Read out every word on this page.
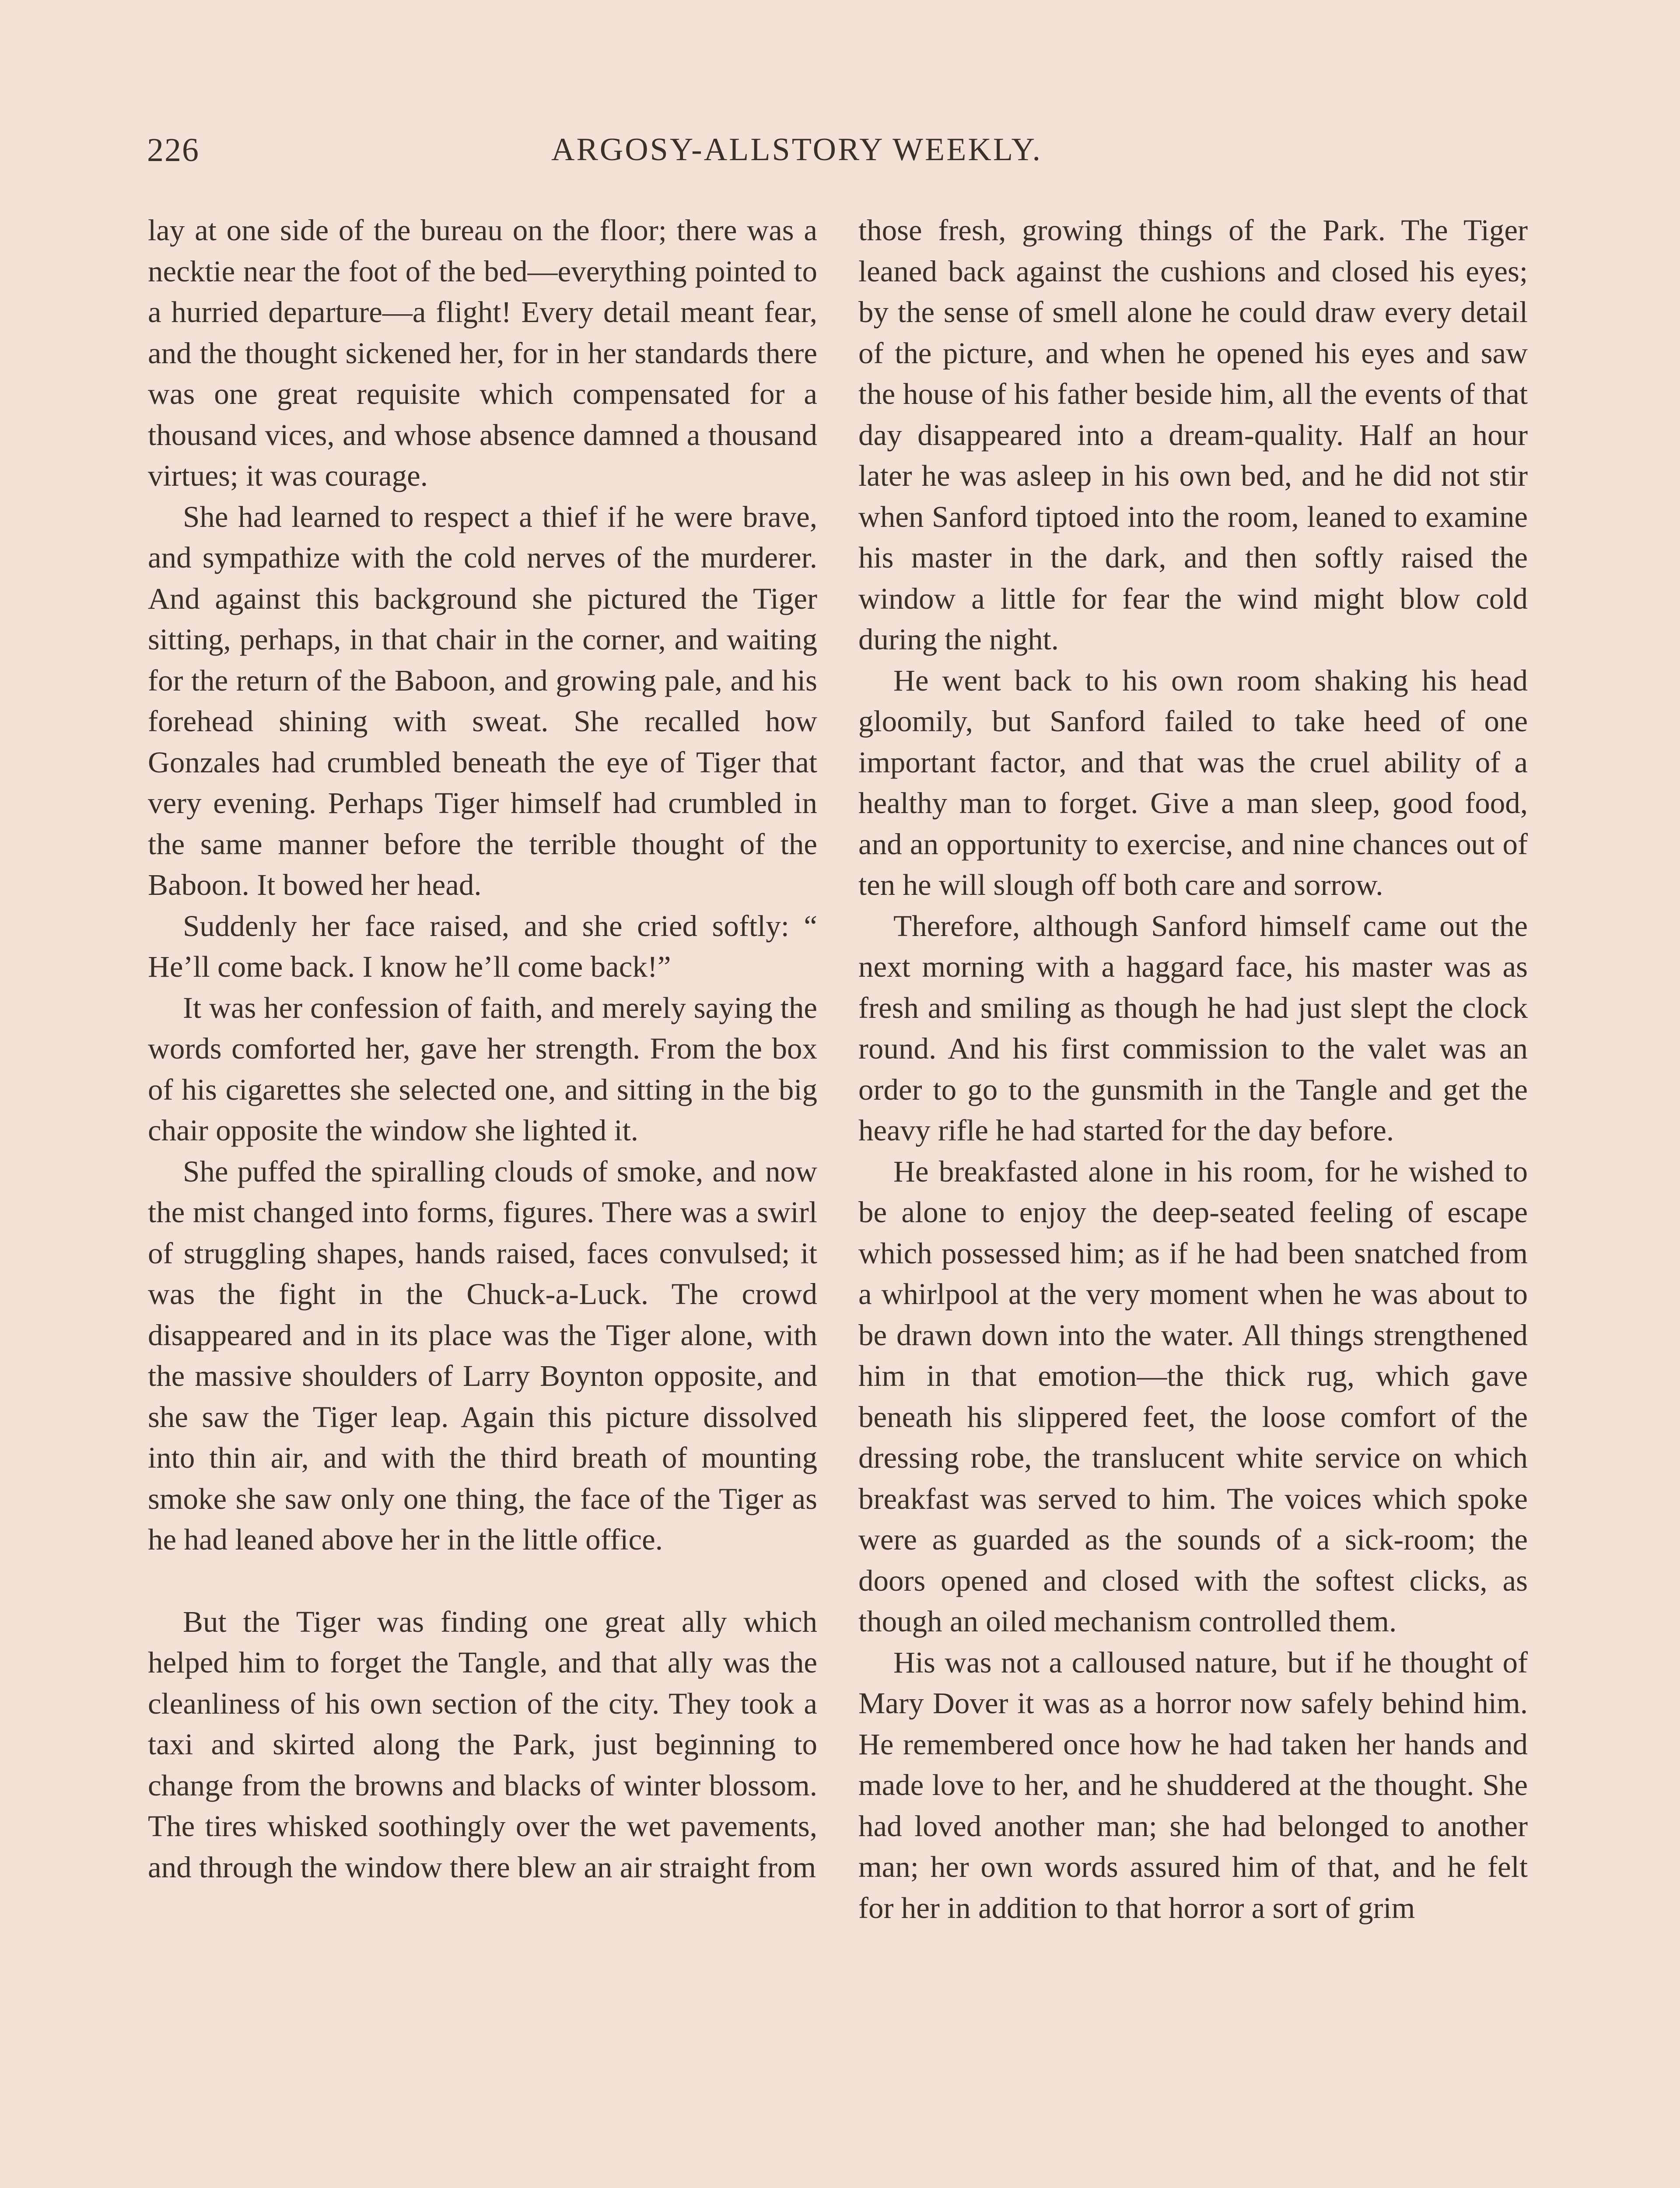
226	ARGOSY-ALLSTORY WEEKLY.

lay at one side of the bureau on the floor; there was a necktie near the foot of the bed—everything pointed to a hurried departure—a flight! Every detail meant fear, and the thought sickened her, for in her standards there was one great requisite which compensated for a thousand vices, and whose absence damned a thousand virtues; it was courage.

She had learned to respect a thief if he were brave, and sympathize with the cold nerves of the murderer. And against this background she pictured the Tiger sitting, perhaps, in that chair in the corner, and waiting for the return of the Baboon, and growing pale, and his forehead shining with sweat. She recalled how Gonzales had crumbled beneath the eye of Tiger that very evening. Perhaps Tiger himself had crumbled in the same manner before the terrible thought of the Baboon. It bowed her head.

Suddenly her face raised, and she cried softly: “ He’ll come back. I know he’ll come back!”

It was her confession of faith, and merely saying the words comforted her, gave her strength. From the box of his cigarettes she selected one, and sitting in the big chair opposite the window she lighted it.

She puffed the spiralling clouds of smoke, and now the mist changed into forms, figures. There was a swirl of struggling shapes, hands raised, faces convulsed; it was the fight in the Chuck-a-Luck. The crowd disappeared and in its place was the Tiger alone, with the massive shoulders of Larry Boynton opposite, and she saw the Tiger leap. Again this picture dissolved into thin air, and with the third breath of mounting smoke she saw only one thing, the face of the Tiger as he had leaned above her in the little office.

But the Tiger was finding one great ally which helped him to forget the Tangle, and that ally was the cleanliness of his own section of the city. They took a taxi and skirted along the Park, just beginning to change from the browns and blacks of winter blossom. The tires whisked soothingly over the wet pavements, and through the window there blew an air straight from

those fresh, growing things of the Park. The Tiger leaned back against the cushions and closed his eyes; by the sense of smell alone he could draw every detail of the picture, and when he opened his eyes and saw the house of his father beside him, all the events of that day disappeared into a dream-quality. Half an hour later he was asleep in his own bed, and he did not stir when Sanford tiptoed into the room, leaned to examine his master in the dark, and then softly raised the window a little for fear the wind might blow cold during the night.

He went back to his own room shaking his head gloomily, but Sanford failed to take heed of one important factor, and that was the cruel ability of a healthy man to forget. Give a man sleep, good food, and an opportunity to exercise, and nine chances out of ten he will slough off both care and sorrow.

Therefore, although Sanford himself came out the next morning with a haggard face, his master was as fresh and smiling as though he had just slept the clock round. And his first commission to the valet was an order to go to the gunsmith in the Tangle and get the heavy rifle he had started for the day before.

He breakfasted alone in his room, for he wished to be alone to enjoy the deep-seated feeling of escape which possessed him; as if he had been snatched from a whirlpool at the very moment when he was about to be drawn down into the water. All things strengthened him in that emotion—the thick rug, which gave beneath his slippered feet, the loose comfort of the dressing robe, the translucent white service on which breakfast was served to him. The voices which spoke were as guarded as the sounds of a sick-room; the doors opened and closed with the softest clicks, as though an oiled mechanism controlled them.

His was not a calloused nature, but if he thought of Mary Dover it was as a horror now safely behind him. He remembered once how he had taken her hands and made love to her, and he shuddered at the thought. She had loved another man; she had belonged to another man; her own words assured him of that, and he felt for her in addition to that horror a sort of grim
